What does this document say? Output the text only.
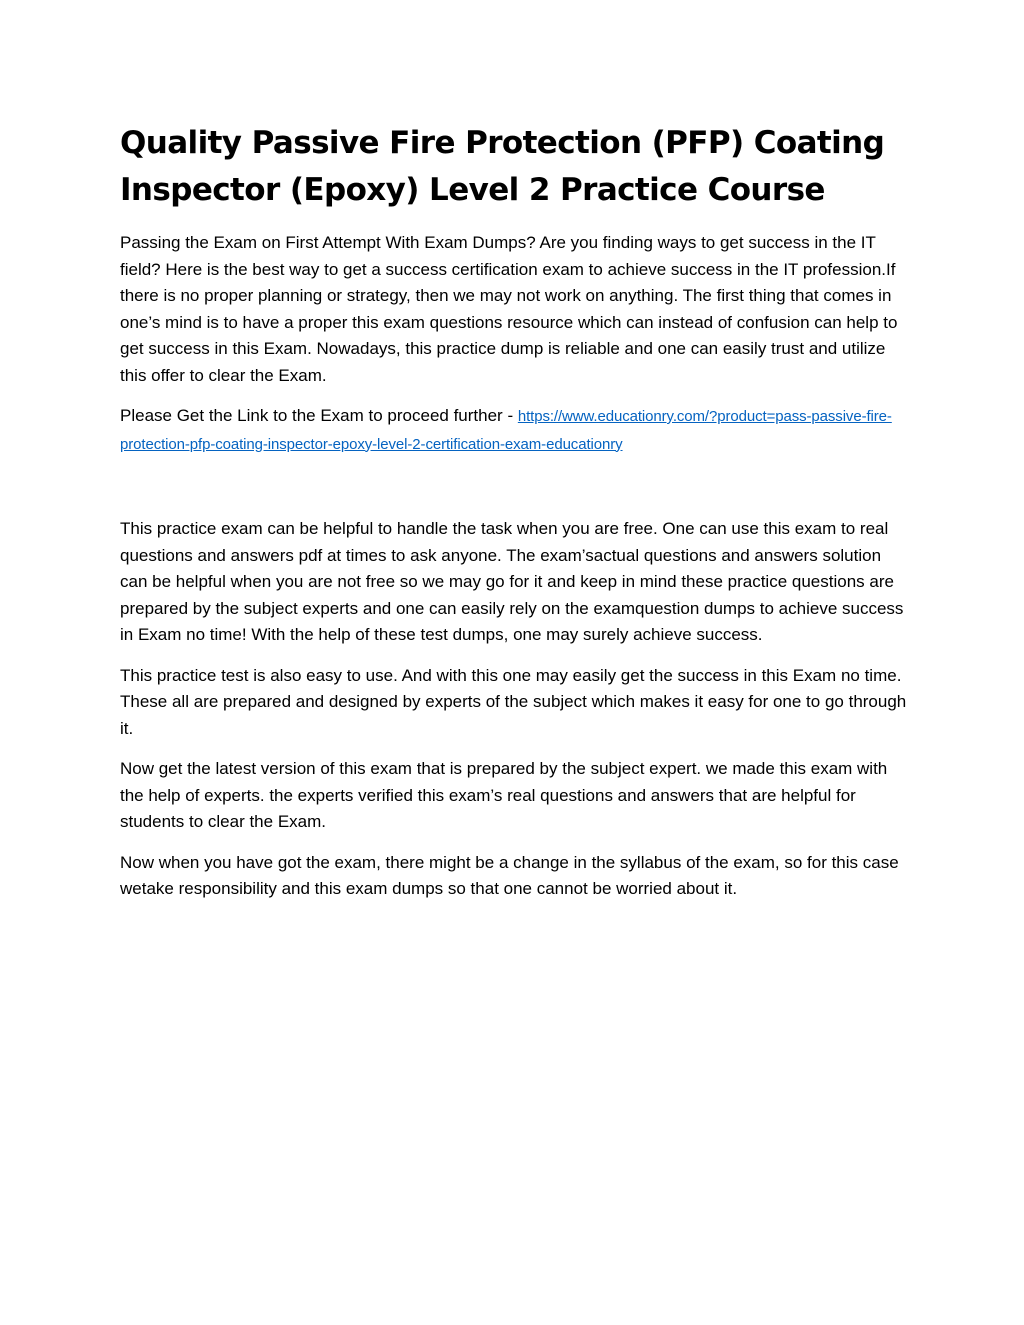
Quality Passive Fire Protection (PFP) Coating Inspector (Epoxy) Level 2 Practice Course

Passing the Exam on First Attempt With Exam Dumps? Are you finding ways to get success in the IT field? Here is the best way to get a success certification exam to achieve success in the IT profession.If there is no proper planning or strategy, then we may not work on anything. The first thing that comes in one’s mind is to have a proper this exam questions resource which can instead of confusion can help to get success in this Exam. Nowadays, this practice dump is reliable and one can easily trust and utilize this offer to clear the Exam.

Please Get the Link to the Exam to proceed further - https://www.educationry.com/?product=pass-passive-fire-protection-pfp-coating-inspector-epoxy-level-2-certification-exam-educationry

This practice exam can be helpful to handle the task when you are free. One can use this exam to real questions and answers pdf at times to ask anyone. The exam’sactual questions and answers solution can be helpful when you are not free so we may go for it and keep in mind these practice questions are prepared by the subject experts and one can easily rely on the examquestion dumps to achieve success in Exam no time! With the help of these test dumps, one may surely achieve success.

This practice test is also easy to use. And with this one may easily get the success in this Exam no time. These all are prepared and designed by experts of the subject which makes it easy for one to go through it.

Now get the latest version of this exam that is prepared by the subject expert. we made this exam with the help of experts. the experts verified this exam’s real questions and answers that are helpful for students to clear the Exam.

Now when you have got the exam, there might be a change in the syllabus of the exam, so for this case wetake responsibility and this exam dumps so that one cannot be worried about it.
